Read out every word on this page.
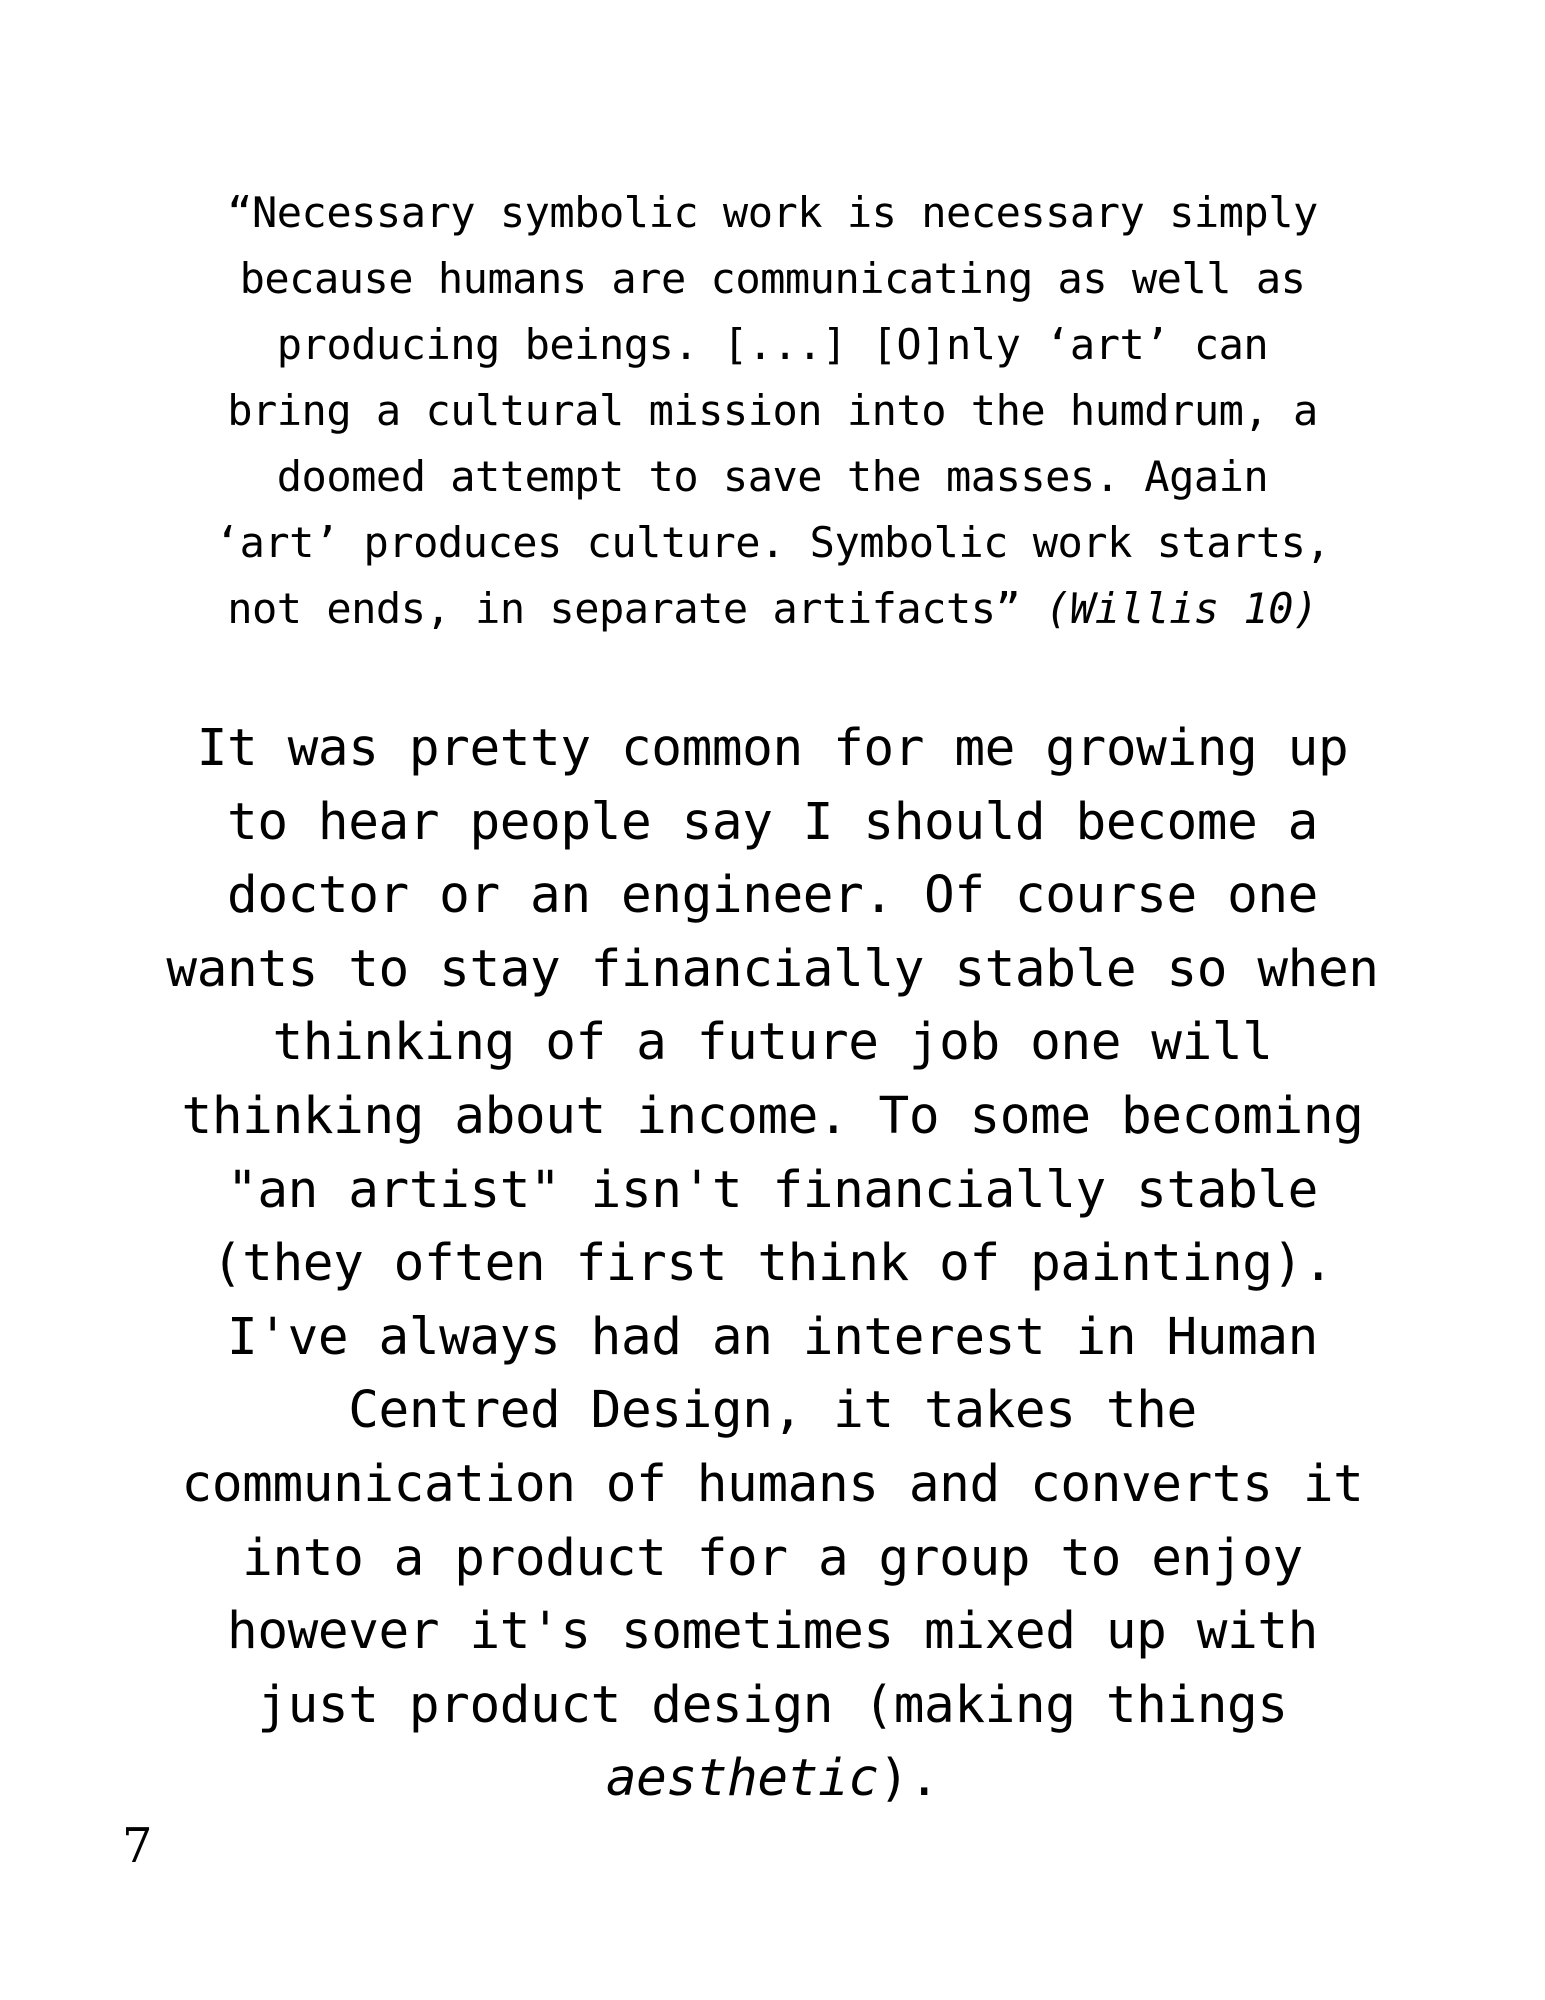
“Necessary symbolic work is necessary simply
because humans are communicating as well as
producing beings. [...] [O]nly ‘art’ can
bring a cultural mission into the humdrum, a
doomed attempt to save the masses. Again
‘art’ produces culture. Symbolic work starts,
not ends, in separate artifacts” (Willis 10)
It was pretty common for me growing up
to hear people say I should become a
doctor or an engineer. Of course one
wants to stay financially stable so when
thinking of a future job one will
thinking about income. To some becoming
"an artist" isn't financially stable
(they often first think of painting).
I've always had an interest in Human
Centred Design, it takes the
communication of humans and converts it
into a product for a group to enjoy
however it's sometimes mixed up with
just product design (making things
aesthetic).
7
